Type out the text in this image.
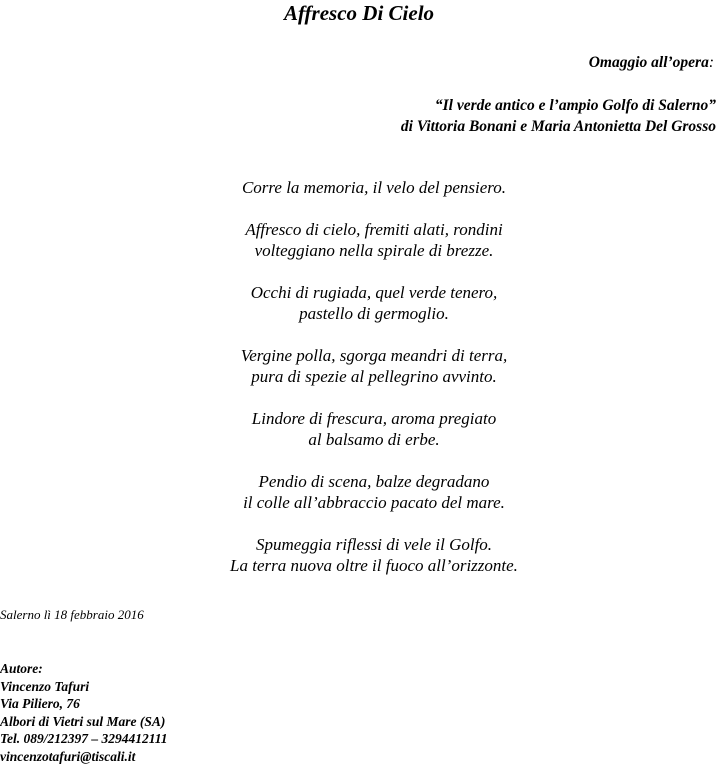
Affresco Di Cielo
Omaggio all’opera:
“Il verde antico e l’ampio Golfo di Salerno”
di Vittoria Bonani e Maria Antonietta Del Grosso
Corre la memoria, il velo del pensiero.
Affresco di cielo, fremiti alati, rondini
volteggiano nella spirale di brezze.
Occhi di rugiada, quel verde tenero,
pastello di germoglio.
Vergine polla, sgorga meandri di terra,
pura di spezie al pellegrino avvinto.
Lindore di frescura, aroma pregiato
al balsamo di erbe.
Pendio di scena, balze degradano
il colle all’abbraccio pacato del mare.
Spumeggia riflessi di vele il Golfo.
La terra nuova oltre il fuoco all’orizzonte.
Salerno lì 18 febbraio 2016
Autore:
Vincenzo Tafuri
Via Piliero, 76
Albori di Vietri sul Mare (SA)
Tel. 089/212397 – 3294412111
vincenzotafuri@tiscali.it
